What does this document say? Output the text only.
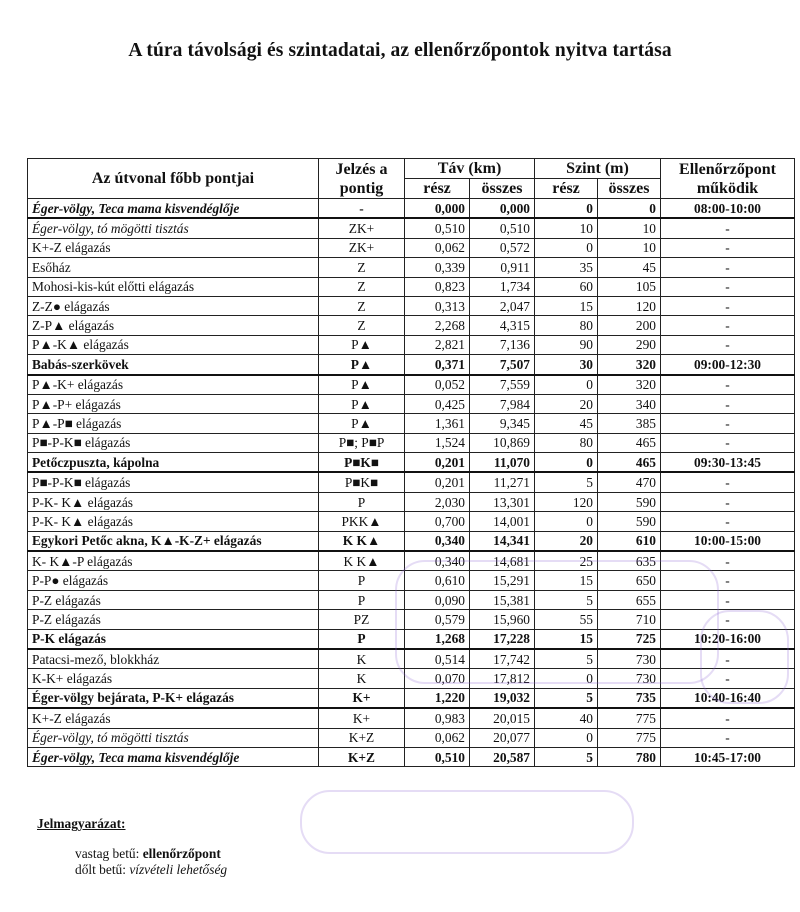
A túra távolsági és szintadatai, az ellenőrzőpontok nyitva tartása
Az útvonal főbb pontjai	Jelzés a pontig	Táv (km)		Szint (m)		Ellenőrzőpont működik
		rész	összes	rész	összes	
Éger-völgy, Teca mama kisvendéglője	-	0,000	0,000	0	0	08:00-10:00
Éger-völgy, tó mögötti tisztás	ZK+	0,510	0,510	10	10	-
K+-Z elágazás	ZK+	0,062	0,572	0	10	-
Esőház	Z	0,339	0,911	35	45	-
Mohosi-kis-kút előtti elágazás	Z	0,823	1,734	60	105	-
Z-Z● elágazás	Z	0,313	2,047	15	120	-
Z-P▲ elágazás	Z	2,268	4,315	80	200	-
P▲-K▲ elágazás	P▲	2,821	7,136	90	290	-
Babás-szerkövek	P▲	0,371	7,507	30	320	09:00-12:30
P▲-K+ elágazás	P▲	0,052	7,559	0	320	-
P▲-P+ elágazás	P▲	0,425	7,984	20	340	-
P▲-P■ elágazás	P▲	1,361	9,345	45	385	-
P■-P-K■ elágazás	P■; P■P	1,524	10,869	80	465	-
Petőczpuszta, kápolna	P■K■	0,201	11,070	0	465	09:30-13:45
P■-P-K■ elágazás	P■K■	0,201	11,271	5	470	-
P-K- K▲ elágazás	P	2,030	13,301	120	590	-
P-K- K▲ elágazás	PKK▲	0,700	14,001	0	590	-
Egykori Petőc akna, K▲-K-Z+ elágazás	K K▲	0,340	14,341	20	610	10:00-15:00
K- K▲-P elágazás	K K▲	0,340	14,681	25	635	-
P-P● elágazás	P	0,610	15,291	15	650	-
P-Z elágazás	P	0,090	15,381	5	655	-
P-Z elágazás	PZ	0,579	15,960	55	710	-
P-K elágazás	P	1,268	17,228	15	725	10:20-16:00
Patacsi-mező, blokkház	K	0,514	17,742	5	730	-
K-K+ elágazás	K	0,070	17,812	0	730	-
Éger-völgy bejárata, P-K+ elágazás	K+	1,220	19,032	5	735	10:40-16:40
K+-Z elágazás	K+	0,983	20,015	40	775	-
Éger-völgy, tó mögötti tisztás	K+Z	0,062	20,077	0	775	-
Éger-völgy, Teca mama kisvendéglője	K+Z	0,510	20,587	5	780	10:45-17:00
Jelmagyarázat:
vastag betű: ellenőrzőpont
dőlt betű: vízvételi lehetőség
